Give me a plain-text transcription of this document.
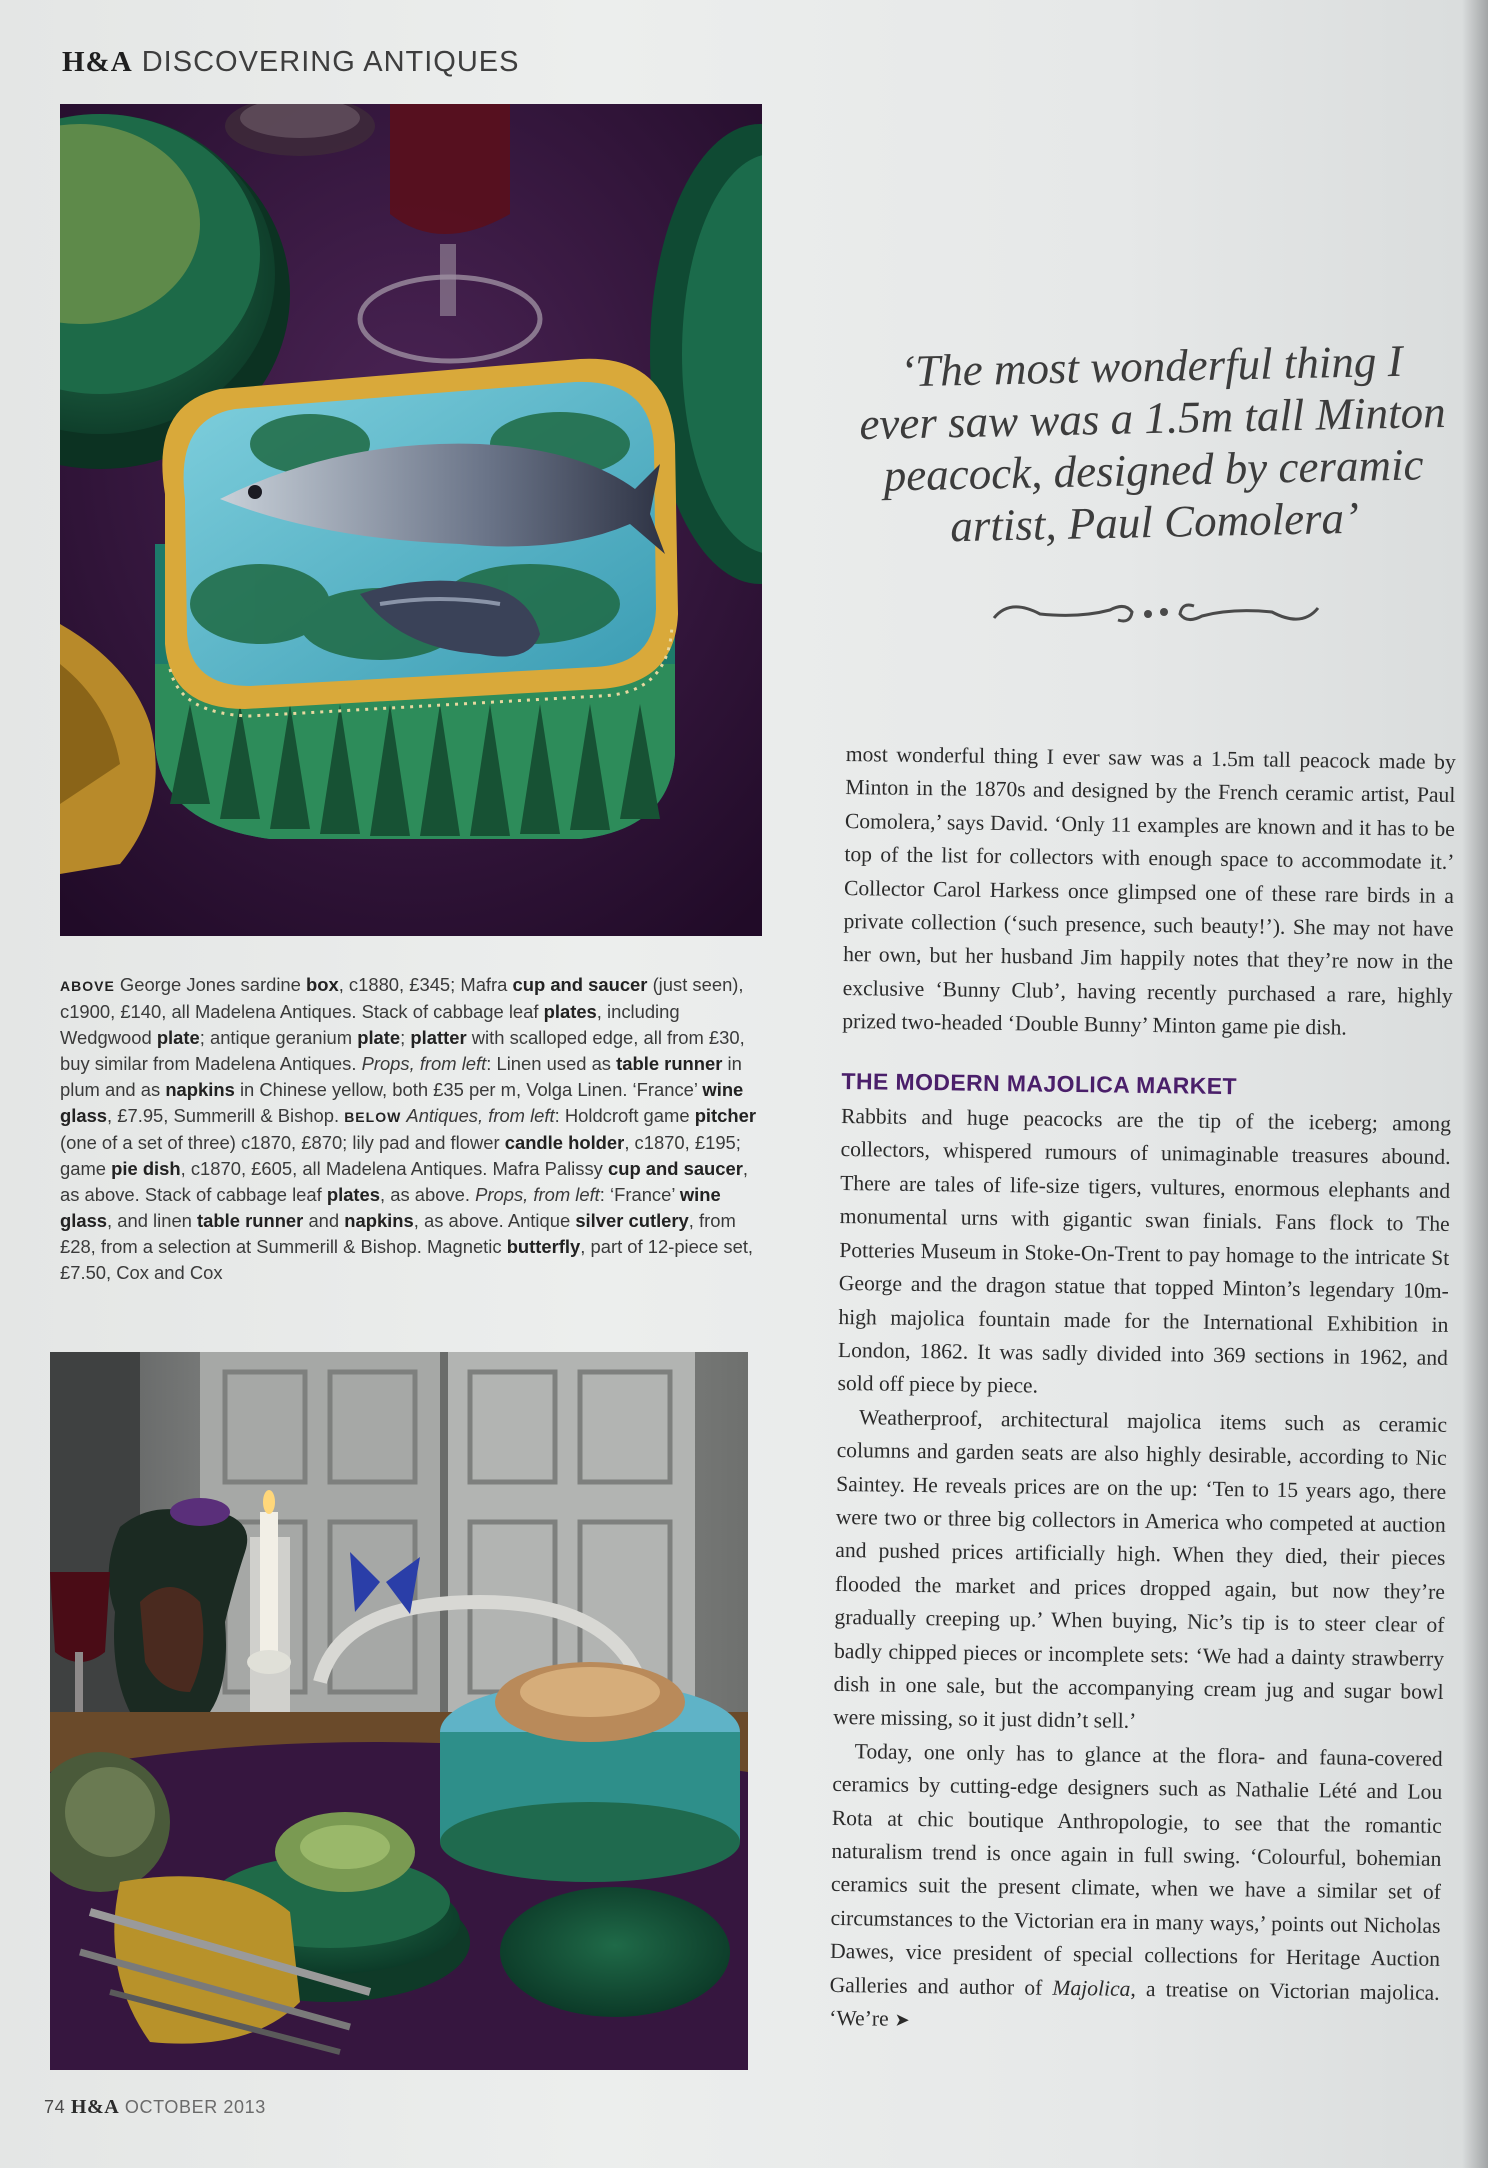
H&A DISCOVERING ANTIQUES
ABOVE George Jones sardine box, c1880, £345; Mafra cup and saucer (just seen), c1900, £140, all Madelena Antiques. Stack of cabbage leaf plates, including Wedgwood plate; antique geranium plate; platter with scalloped edge, all from £30, buy similar from Madelena Antiques. Props, from left: Linen used as table runner in plum and as napkins in Chinese yellow, both £35 per m, Volga Linen. ‘France’ wine glass, £7.95, Summerill & Bishop. BELOW Antiques, from left: Holdcroft game pitcher (one of a set of three) c1870, £870; lily pad and flower candle holder, c1870, £195; game pie dish, c1870, £605, all Madelena Antiques. Mafra Palissy cup and saucer, as above. Stack of cabbage leaf plates, as above. Props, from left: ‘France’ wine glass, and linen table runner and napkins, as above. Antique silver cutlery, from £28, from a selection at Summerill & Bishop. Magnetic butterfly, part of 12-piece set, £7.50, Cox and Cox
‘The most wonderful thing I ever saw was a 1.5m tall Minton peacock, designed by ceramic artist, Paul Comolera’

most wonderful thing I ever saw was a 1.5m tall peacock made by Minton in the 1870s and designed by the French ceramic artist, Paul Comolera,’ says David. ‘Only 11 examples are known and it has to be top of the list for collectors with enough space to accommodate it.’ Collector Carol Harkess once glimpsed one of these rare birds in a private collection (‘such presence, such beauty!’). She may not have her own, but her husband Jim happily notes that they’re now in the exclusive ‘Bunny Club’, having recently purchased a rare, highly prized two-headed ‘Double Bunny’ Minton game pie dish.

THE MODERN MAJOLICA MARKET

Rabbits and huge peacocks are the tip of the iceberg; among collectors, whispered rumours of unimaginable treasures abound. There are tales of life-size tigers, vultures, enormous elephants and monumental urns with gigantic swan finials. Fans flock to The Potteries Museum in Stoke-On-Trent to pay homage to the intricate St George and the dragon statue that topped Minton’s legendary 10m-high majolica fountain made for the International Exhibition in London, 1862. It was sadly divided into 369 sections in 1962, and sold off piece by piece.

Weatherproof, architectural majolica items such as ceramic columns and garden seats are also highly desirable, according to Nic Saintey. He reveals prices are on the up: ‘Ten to 15 years ago, there were two or three big collectors in America who competed at auction and pushed prices artificially high. When they died, their pieces flooded the market and prices dropped again, but now they’re gradually creeping up.’ When buying, Nic’s tip is to steer clear of badly chipped pieces or incomplete sets: ‘We had a dainty strawberry dish in one sale, but the accompanying cream jug and sugar bowl were missing, so it just didn’t sell.’

Today, one only has to glance at the flora- and fauna-covered ceramics by cutting-edge designers such as Nathalie Lété and Lou Rota at chic boutique Anthropologie, to see that the romantic naturalism trend is once again in full swing. ‘Colourful, bohemian ceramics suit the present climate, when we have a similar set of circumstances to the Victorian era in many ways,’ points out Nicholas Dawes, vice president of special collections for Heritage Auction Galleries and author of Majolica, a treatise on Victorian majolica. ‘We’re ➤

74 H&A OCTOBER 2013
